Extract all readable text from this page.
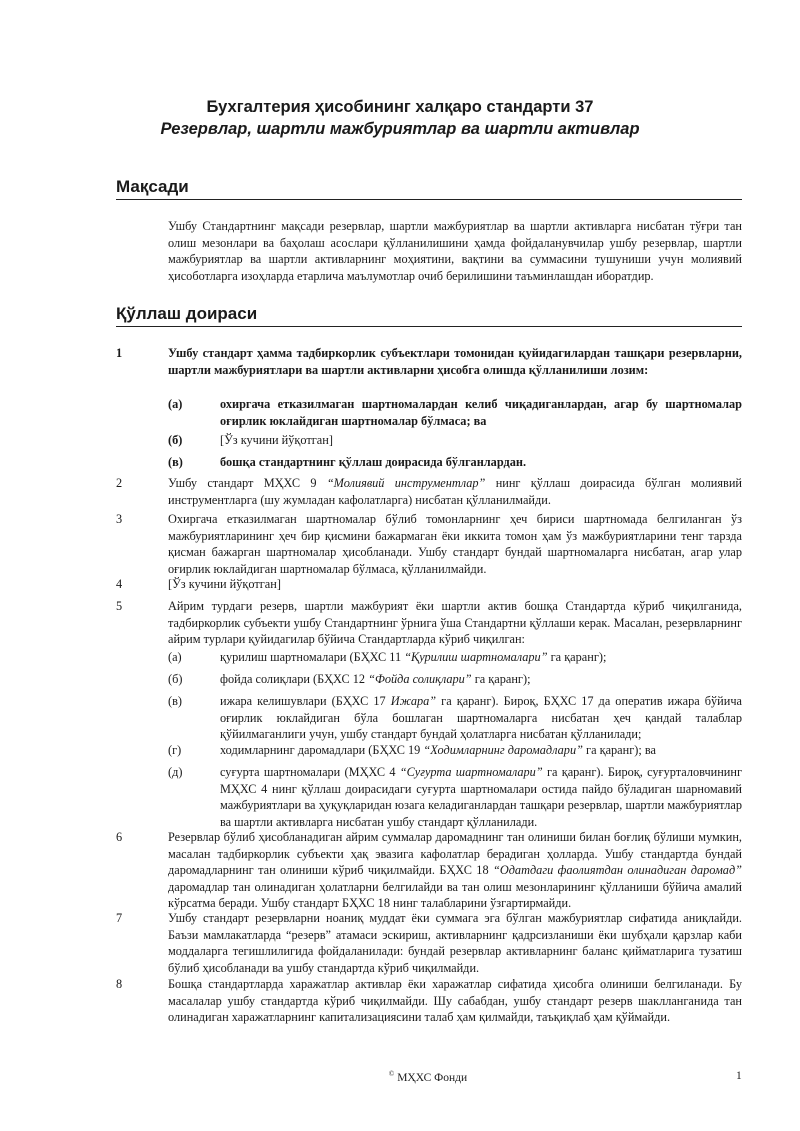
Бухгалтерия ҳисобининг халқаро стандарти 37
Резервлар, шартли мажбуриятлар ва шартли активлар
Мақсади
Ушбу Стандартнинг мақсади резервлар, шартли мажбуриятлар ва шартли активларга нисбатан тўғри тан олиш мезонлари ва баҳолаш асослари қўлланилишини ҳамда фойдаланувчилар ушбу резервлар, шартли мажбуриятлар ва шартли активларнинг моҳиятини, вақтини ва суммасини тушуниши учун молиявий ҳисоботларга изоҳларда етарлича маълумотлар очиб берилишини таъминлашдан иборатдир.
Қўллаш доираси
1	Ушбу стандарт ҳамма тадбиркорлик субъектлари томонидан қуйидагилардан ташқари резервларни, шартли мажбуриятлари ва шартли активларни ҳисобга олишда қўлланилиши лозим:
(a)	охиргача етказилмаган шартномалардан келиб чиқадиганлардан, агар бу шартномалар оғирлик юклайдиган шартномалар бўлмаса; ва
(б)	[Ўз кучини йўқотган]
(в)	бошқа стандартнинг қўллаш доирасида бўлганлардан.
2	Ушбу стандарт МҲХС 9 “Молиявий инструментлар” нинг қўллаш доирасида бўлган молиявий инструментларга (шу жумладан кафолатларга) нисбатан қўлланилмайди.
3	Охиргача етказилмаган шартномалар бўлиб томонларнинг ҳеч бириси шартномада белгиланган ўз мажбуриятларининг ҳеч бир қисмини бажармаган ёки иккита томон ҳам ўз мажбуриятларини тенг тарзда қисман бажарган шартномалар ҳисобланади. Ушбу стандарт бундай шартномаларга нисбатан, агар улар оғирлик юклайдиган шартномалар бўлмаса, қўлланилмайди.
4	[Ўз кучини йўқотган]
5	Айрим турдаги резерв, шартли мажбурият ёки шартли актив бошқа Стандартда кўриб чиқилганида, тадбиркорлик субъекти ушбу Стандартнинг ўрнига ўша Стандартни қўллаши керак. Масалан, резервларнинг айрим турлари қуйидагилар бўйича Стандартларда кўриб чиқилган:
(а)	қурилиш шартномалари (БҲХС 11 “Қурилиш шартномалари” га қаранг);
(б)	фойда солиқлари (БҲХС 12 “Фойда солиқлари” га қаранг);
(в)	ижара келишувлари (БҲХС 17 Ижара” га қаранг). Бироқ, БҲХС 17 да оператив ижара бўйича оғирлик юклайдиган бўла бошлаган шартномаларга нисбатан ҳеч қандай талаблар қўйилмаганлиги учун, ушбу стандарт бундай ҳолатларга нисбатан қўлланилади;
(г)	ходимларнинг даромадлари (БҲХС 19 “Ходимларнинг даромадлари” га қаранг); ва
(д)	суғурта шартномалари (МҲХС 4 “Суғурта шартномалари” га қаранг). Бироқ, суғурталовчининг МҲХС 4 нинг қўллаш доирасидаги суғурта шартномалари остида пайдо бўладиган шарномавий мажбуриятлари ва ҳуқуқларидан юзага келадиганлардан ташқари резервлар, шартли мажбуриятлар ва шартли активларга нисбатан ушбу стандарт қўлланилади.
6	Резервлар бўлиб ҳисобланадиган айрим суммалар даромаднинг тан олиниши билан боғлиқ бўлиши мумкин, масалан тадбиркорлик субъекти ҳақ эвазига кафолатлар берадиган ҳолларда. Ушбу стандартда бундай даромадларнинг тан олиниши кўриб чиқилмайди. БҲХС 18 “Одатдаги фаолиятдан олинадиган даромад” даромадлар тан олинадиган ҳолатларни белгилайди ва тан олиш мезонларининг қўлланиши бўйича амалий кўрсатма беради. Ушбу стандарт БҲХС 18 нинг талабларини ўзгартирмайди.
7	Ушбу стандарт резервларни ноаниқ муддат ёки суммага эга бўлган мажбуриятлар сифатида аниқлайди. Баъзи мамлакатларда “резерв” атамаси эскириш, активларнинг қадрсизланиши ёки шубҳали қарзлар каби моддаларга тегишлилигида фойдаланилади: бундай резервлар активларнинг баланс қийматларига тузатиш бўлиб ҳисобланади ва ушбу стандартда кўриб чиқилмайди.
8	Бошқа стандартларда харажатлар активлар ёки харажатлар сифатида ҳисобга олиниши белгиланади. Бу масалалар ушбу стандартда кўриб чиқилмайди. Шу сабабдан, ушбу стандарт резерв шаклланганида тан олинадиган харажатларнинг капитализациясини талаб ҳам қилмайди, таъқиқлаб ҳам қўймайди.
© МҲХС Фонди	1
